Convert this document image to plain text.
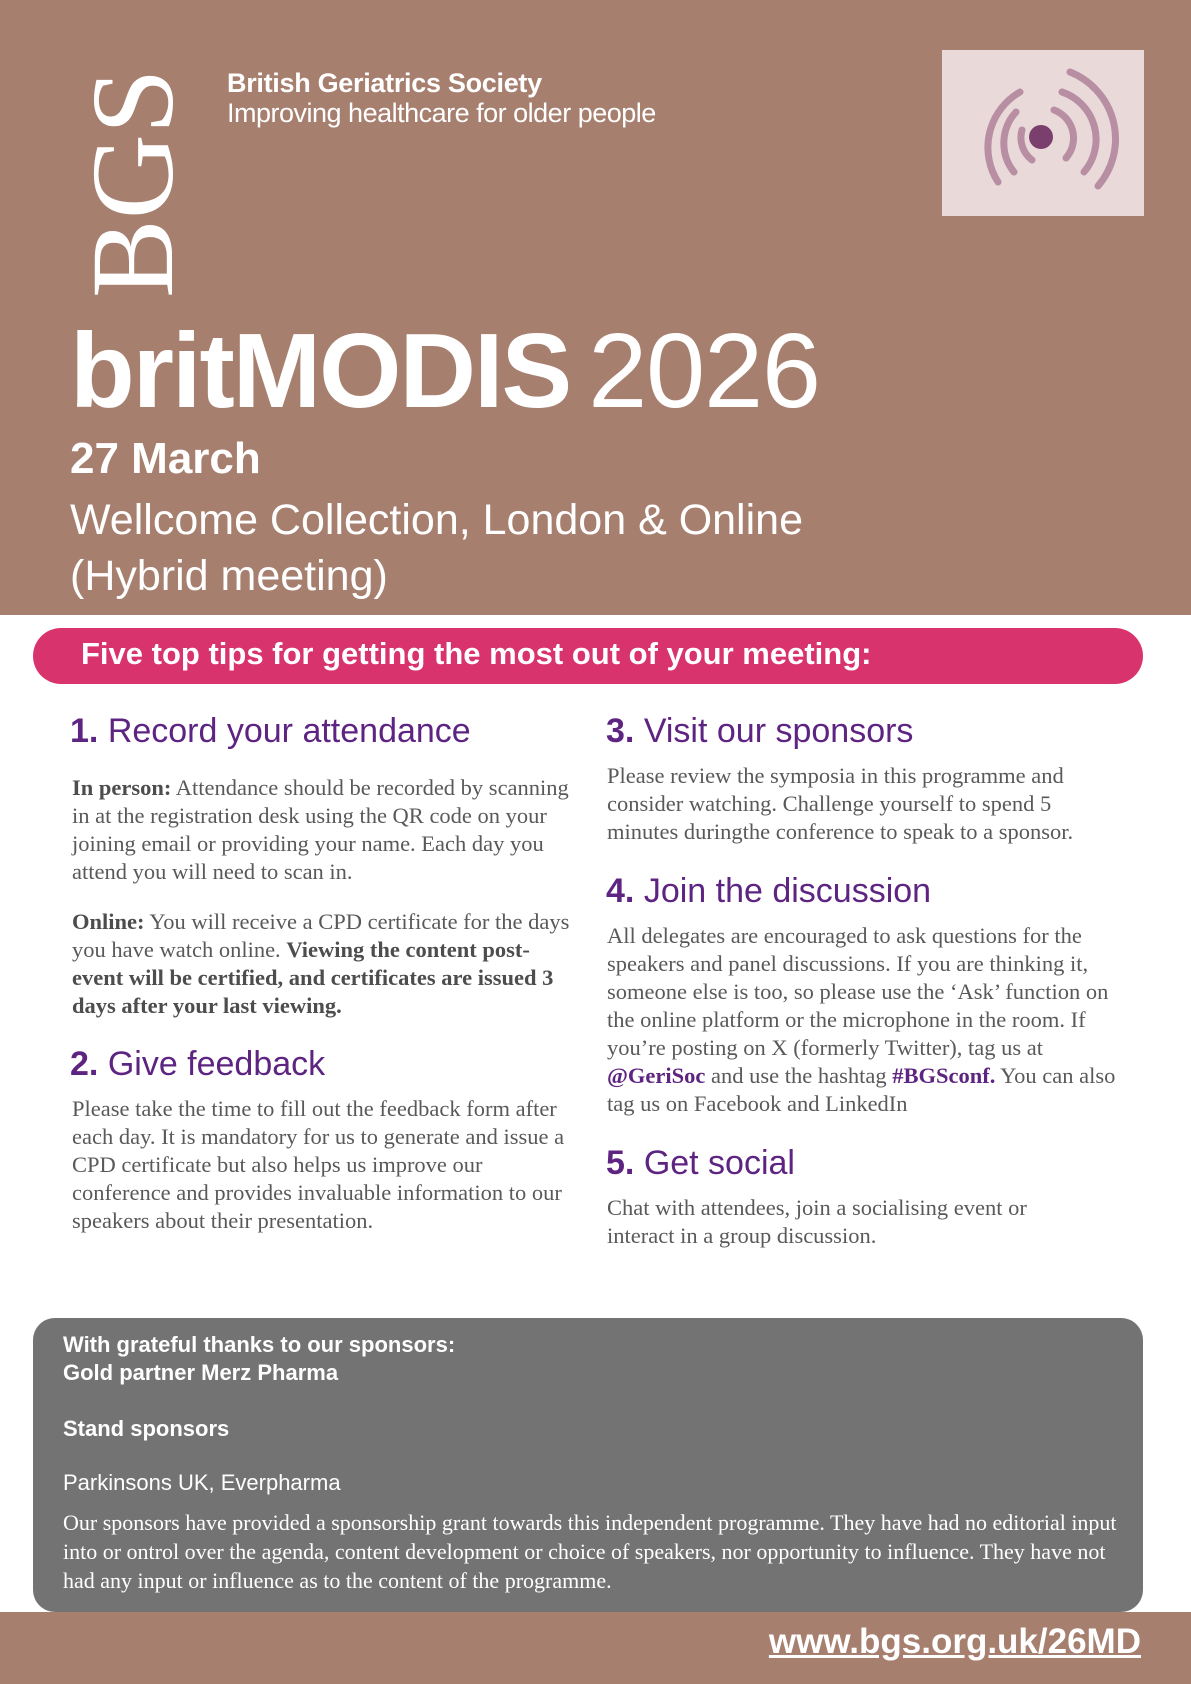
BGS British Geriatrics Society
Improving healthcare for older people
britMODIS 2026
27 March
Wellcome Collection, London & Online
(Hybrid meeting)
Five top tips for getting the most out of your meeting:
1. Record your attendance
In person: Attendance should be recorded by scanning in at the registration desk using the QR code on your joining email or providing your name. Each day you attend you will need to scan in.
Online: You will receive a CPD certificate for the days you have watch online. Viewing the content post-event will be certified, and certificates are issued 3 days after your last viewing.
2. Give feedback
Please take the time to fill out the feedback form after each day. It is mandatory for us to generate and issue a CPD certificate but also helps us improve our conference and provides invaluable information to our speakers about their presentation.
3. Visit our sponsors
Please review the symposia in this programme and consider watching. Challenge yourself to spend 5 minutes duringthe conference to speak to a sponsor.
4. Join the discussion
All delegates are encouraged to ask questions for the speakers and panel discussions. If you are thinking it, someone else is too, so please use the ‘Ask’ function on the online platform or the microphone in the room. If you’re posting on X (formerly Twitter), tag us at @GeriSoc and use the hashtag #BGSconf. You can also tag us on Facebook and LinkedIn
5. Get social
Chat with attendees, join a socialising event or interact in a group discussion.
With grateful thanks to our sponsors:
Gold partner Merz Pharma
Stand sponsors
Parkinsons UK, Everpharma
Our sponsors have provided a sponsorship grant towards this independent programme. They have had no editorial input into or ontrol over the agenda, content development or choice of speakers, nor opportunity to influence. They have not had any input or influence as to the content of the programme.
www.bgs.org.uk/26MD
